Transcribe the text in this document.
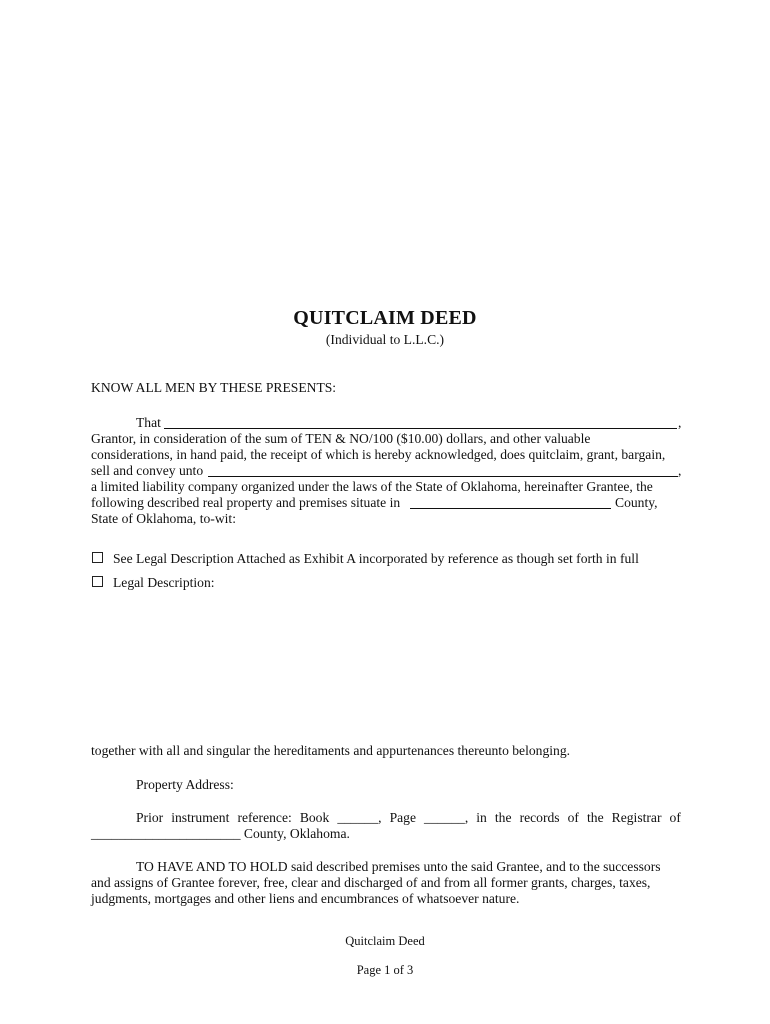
QUITCLAIM DEED
(Individual to L.L.C.)
KNOW ALL MEN BY THESE PRESENTS:
That	,
Grantor, in consideration of the sum of TEN & NO/100 ($10.00) dollars, and other valuable
considerations, in hand paid, the receipt of which is hereby acknowledged, does quitclaim, grant, bargain,
sell and convey unto	,
a limited liability company organized under the laws of the State of Oklahoma, hereinafter Grantee, the
following described real property and premises situate in	County,
State of Oklahoma, to-wit:
See Legal Description Attached as Exhibit A incorporated by reference as though set forth in full
Legal Description:
together with all and singular the hereditaments and appurtenances thereunto belonging.
Property Address:
Prior instrument reference: Book ______, Page ______, in the records of the Registrar of
______________________ County, Oklahoma.
TO HAVE AND TO HOLD said described premises unto the said Grantee, and to the successors
and assigns of Grantee forever, free, clear and discharged of and from all former grants, charges, taxes,
judgments, mortgages and other liens and encumbrances of whatsoever nature.
Quitclaim Deed
Page 1 of 3
